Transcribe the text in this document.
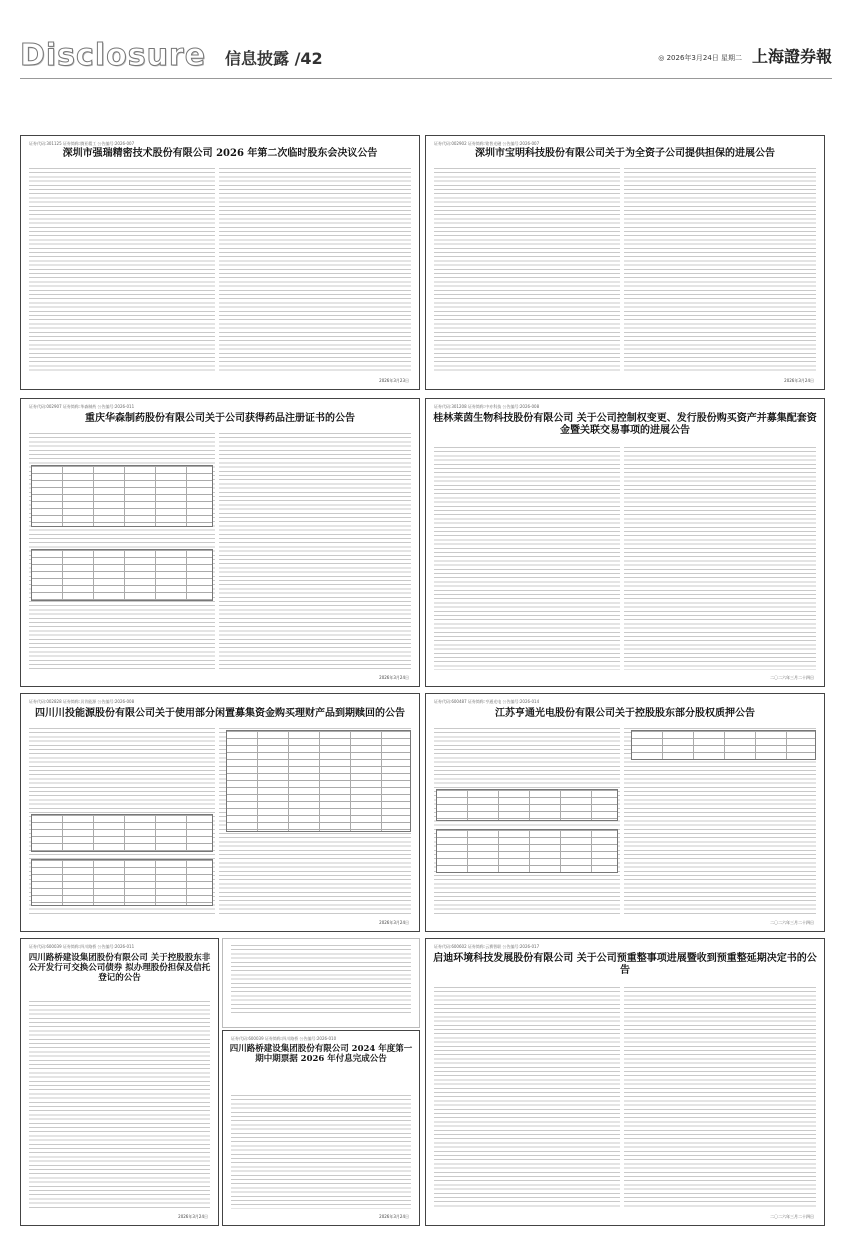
Disclosure 信息披露 /42	◎ 2026年3月24日 星期二 上海證券報
证券代码:301125 证券简称:腾亚精工 公告编号:2026-007
深圳市强瑞精密技术股份有限公司 2026 年第二次临时股东会决议公告
2026年3月23日
证券代码:002902 证券简称:铭普光磁 公告编号:2026-007
深圳市宝明科技股份有限公司关于为全资子公司提供担保的进展公告
2026年3月24日
证券代码:002907 证券简称:华森制药 公告编号:2026-011
重庆华森制药股份有限公司关于公司获得药品注册证书的公告
2026年3月24日
证券代码:301208 证券简称:中亦科技 公告编号:2026-008
桂林莱茵生物科技股份有限公司 关于公司控制权变更、发行股份购买资产并募集配套资金暨关联交易事项的进展公告
二〇二六年三月二十四日
证券代码:002828 证券简称:贝肯能源 公告编号:2026-008
四川川投能源股份有限公司关于使用部分闲置募集资金购买理财产品到期赎回的公告
2026年3月24日
证券代码:600487 证券简称:亨通光电 公告编号:2026-014
江苏亨通光电股份有限公司关于控股股东部分股权质押公告
二〇二六年三月二十四日
证券代码:600039 证券简称:四川路桥 公告编号:2026-011
四川路桥建设集团股份有限公司 关于控股股东非公开发行可交换公司债券 拟办理股份担保及信托登记的公告
2026年3月24日
证券代码:600039 证券简称:四川路桥 公告编号:2026-010
四川路桥建设集团股份有限公司 2024 年度第一期中期票据 2026 年付息完成公告
2026年3月24日
证券代码:600602 证券简称:云赛智联 公告编号:2026-017
启迪环境科技发展股份有限公司 关于公司预重整事项进展暨收到预重整延期决定书的公告
二〇二六年三月二十四日
